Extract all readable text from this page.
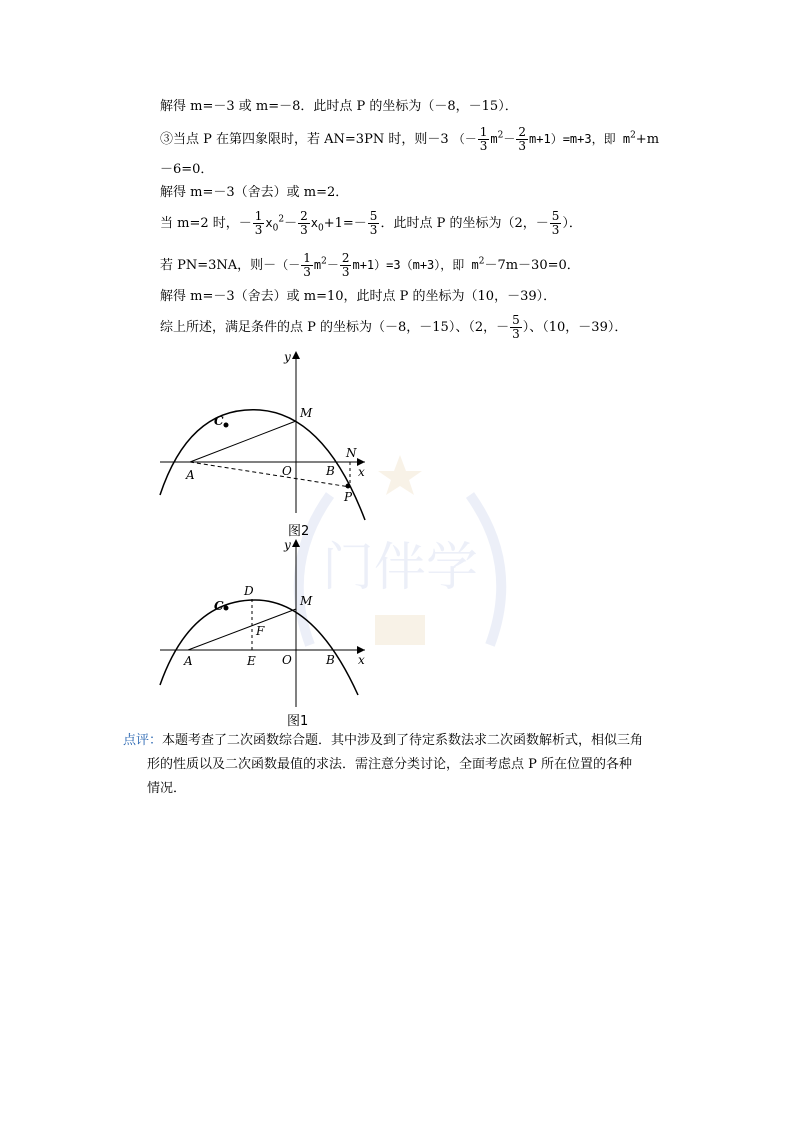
门伴学
解得 m=－3 或 m=－8．此时点 P 的坐标为（－8，－15）．
③当点 P 在第四象限时，若 AN=3PN 时，则－3 （－ $\frac{1}{3} m^2- \frac{2}{3} m+1)=m+3$，即 $m^2+m$
－6=0．
解得 m=－3（舍去）或 m=2．
当 m=2 时，－ $\frac{1}{3} x_0^2- \frac{2}{3} x_0+1=- \frac{5}{3}$ ．此时点 P 的坐标为（2，－ $\frac{5}{3}$ ）．
若 PN=3NA，则－（－ $\frac{1}{3} m^2- \frac{2}{3} m+1)=3(m+3)$，即 $m^2-7m-30=0$．
解得 m=－3（舍去）或 m=10，此时点 P 的坐标为（10，－39）．
综上所述，满足条件的点 P 的坐标为（－8，－15）、（2，－ $\frac{5}{3}$ ）、（10，－39）．
y
x
C
M
A	O	B
N
P
图2
y
x
C
D
M
F
A	E O	B
图1
点评：本题考查了二次函数综合题．其中涉及到了待定系数法求二次函数解析式，相似三角
形的性质以及二次函数最值的求法．需注意分类讨论，全面考虑点 P 所在位置的各种
情况．
